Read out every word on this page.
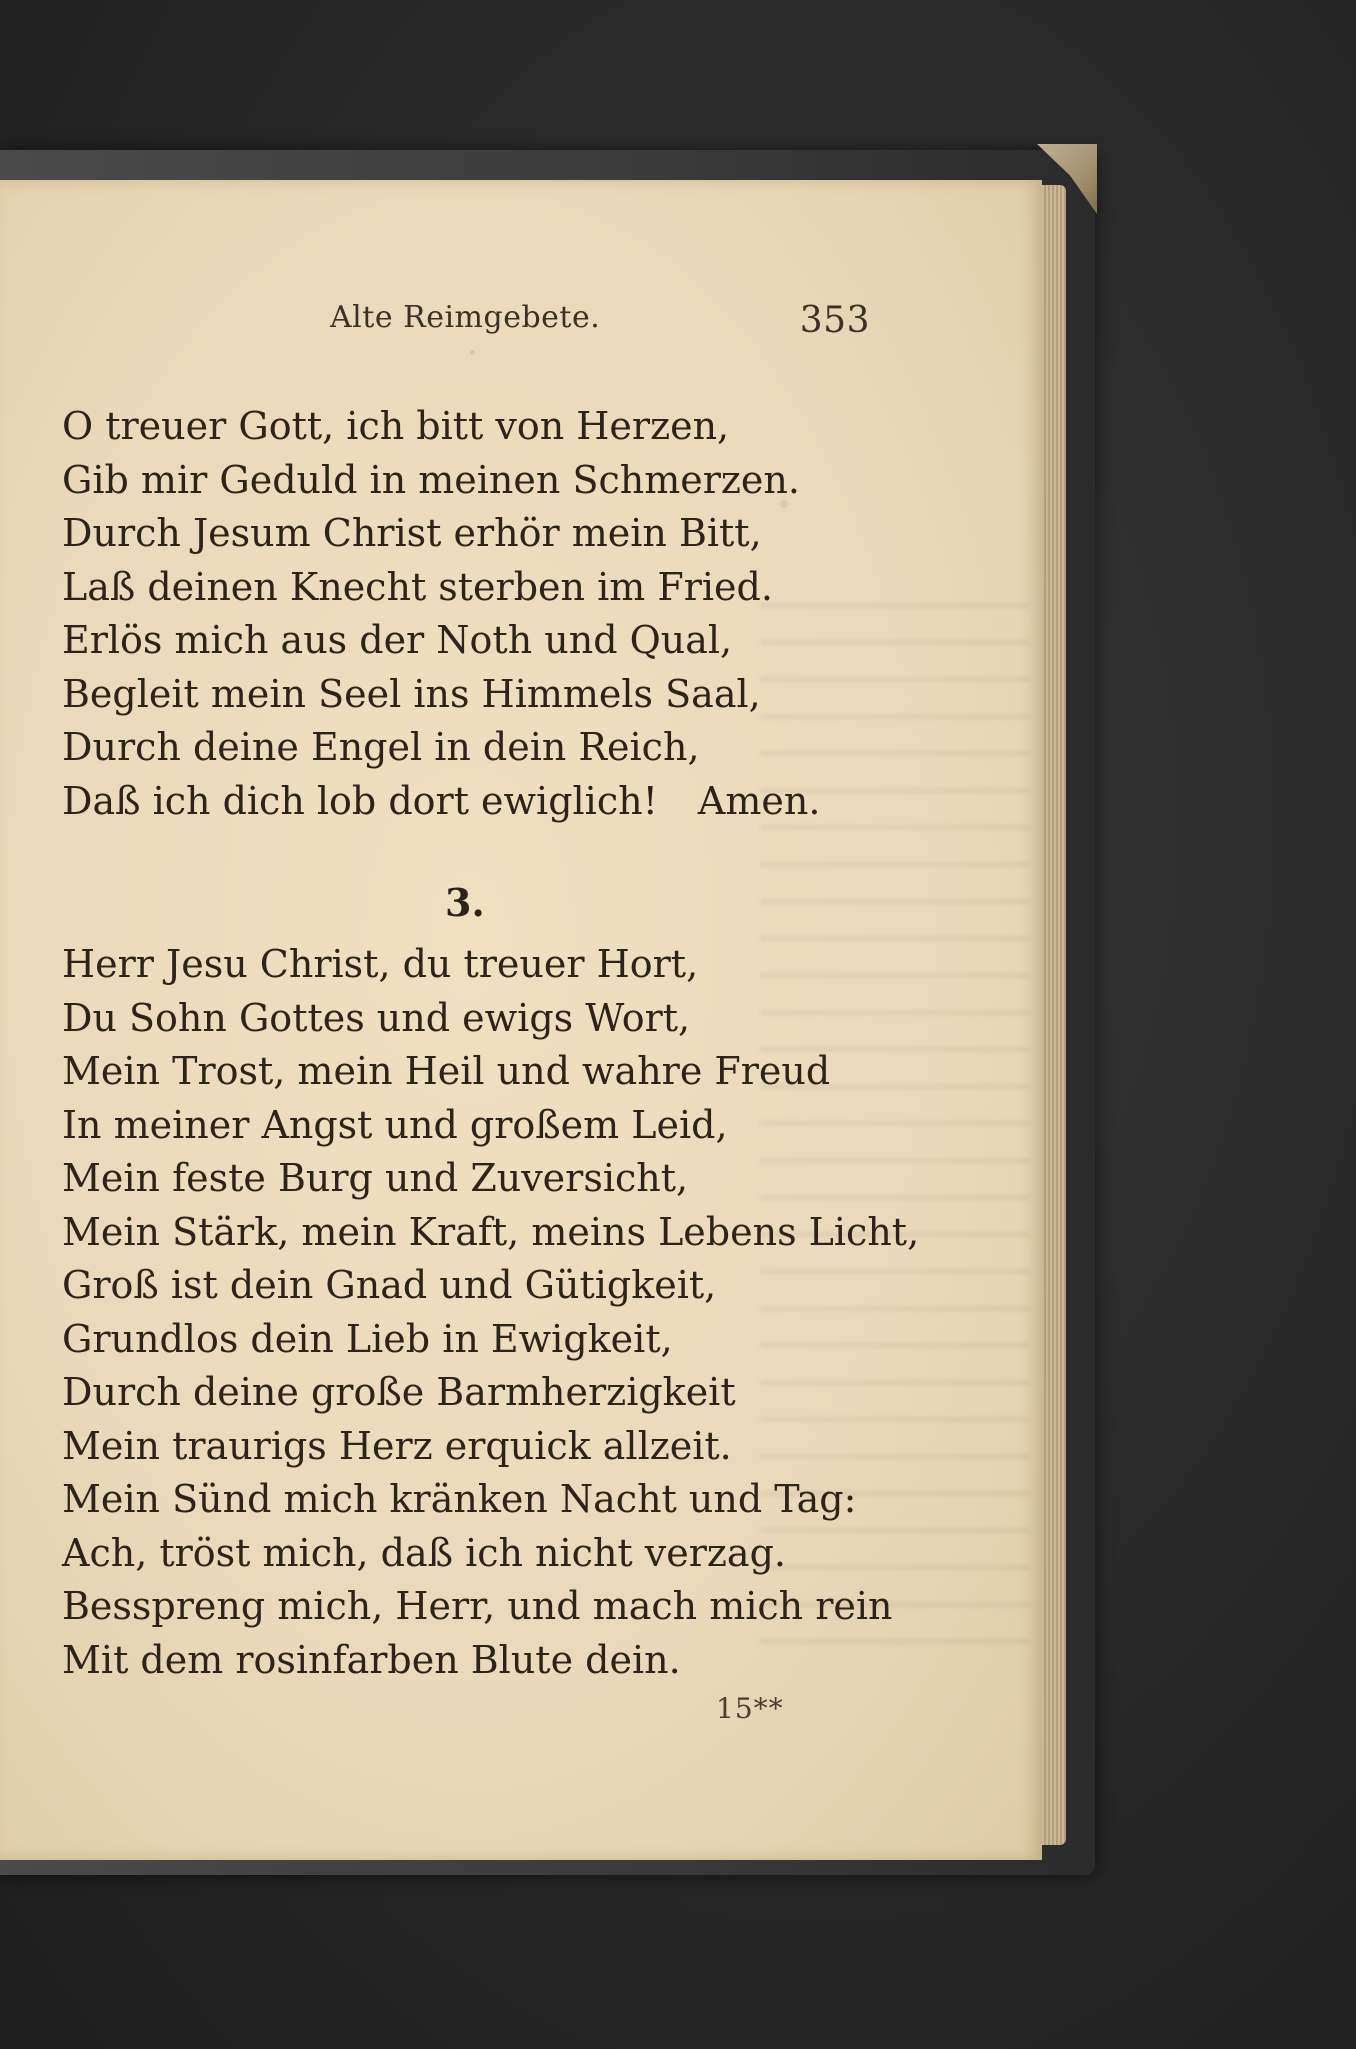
Alte Reimgebete.	353
O treuer Gott, ich bitt von Herzen,
Gib mir Geduld in meinen Schmerzen.
Durch Jesum Christ erhör mein Bitt,
Laß deinen Knecht sterben im Fried.
Erlös mich aus der Noth und Qual,
Begleit mein Seel ins Himmels Saal,
Durch deine Engel in dein Reich,
Daß ich dich lob dort ewiglich! Amen.
3.
Herr Jesu Christ, du treuer Hort,
Du Sohn Gottes und ewigs Wort,
Mein Trost, mein Heil und wahre Freud
In meiner Angst und großem Leid,
Mein feste Burg und Zuversicht,
Mein Stärk, mein Kraft, meins Lebens Licht,
Groß ist dein Gnad und Gütigkeit,
Grundlos dein Lieb in Ewigkeit,
Durch deine große Barmherzigkeit
Mein traurigs Herz erquick allzeit.
Mein Sünd mich kränken Nacht und Tag:
Ach, tröst mich, daß ich nicht verzag.
Besspreng mich, Herr, und mach mich rein
Mit dem rosinfarben Blute dein.
15**
